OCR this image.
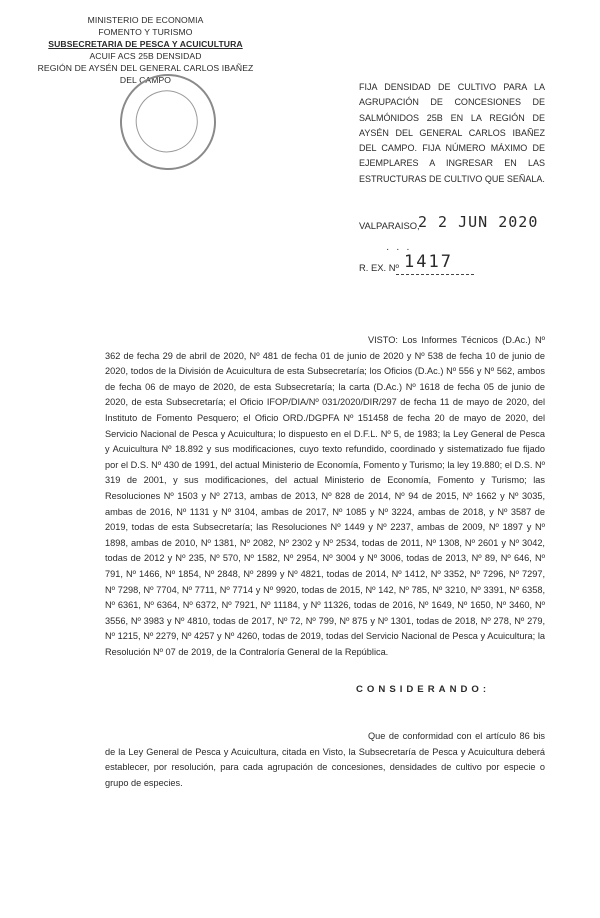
MINISTERIO DE ECONOMIA
FOMENTO Y TURISMO
SUBSECRETARIA DE PESCA Y ACUICULTURA
ACUIF ACS 25B DENSIDAD
REGIÓN DE AYSÉN DEL GENERAL CARLOS IBAÑEZ DEL CAMPO
FIJA DENSIDAD DE CULTIVO PARA LA AGRUPACIÓN DE CONCESIONES DE SALMÓNIDOS 25B EN LA REGIÓN DE AYSÉN DEL GENERAL CARLOS IBAÑEZ DEL CAMPO. FIJA NÚMERO MÁXIMO DE EJEMPLARES A INGRESAR EN LAS ESTRUCTURAS DE CULTIVO QUE SEÑALA.
VALPARAISO,
2 2 JUN 2020
· · ·
R. EX. Nº 1417
VISTO: Los Informes Técnicos (D.Ac.) Nº 362 de fecha 29 de abril de 2020, Nº 481 de fecha 01 de junio de 2020 y Nº 538 de fecha 10 de junio de 2020, todos de la División de Acuicultura de esta Subsecretaría; los Oficios (D.Ac.) Nº 556 y Nº 562, ambos de fecha 06 de mayo de 2020, de esta Subsecretaría; la carta (D.Ac.) Nº 1618 de fecha 05 de junio de 2020, de esta Subsecretaría; el Oficio IFOP/DIA/Nº 031/2020/DIR/297 de fecha 11 de mayo de 2020, del Instituto de Fomento Pesquero; el Oficio ORD./DGPFA Nº 151458 de fecha 20 de mayo de 2020, del Servicio Nacional de Pesca y Acuicultura; lo dispuesto en el D.F.L. Nº 5, de 1983; la Ley General de Pesca y Acuicultura Nº 18.892 y sus modificaciones, cuyo texto refundido, coordinado y sistematizado fue fijado por el D.S. Nº 430 de 1991, del actual Ministerio de Economía, Fomento y Turismo; la ley 19.880; el D.S. Nº 319 de 2001, y sus modificaciones, del actual Ministerio de Economía, Fomento y Turismo; las Resoluciones Nº 1503 y Nº 2713, ambas de 2013, Nº 828 de 2014, Nº 94 de 2015, Nº 1662 y Nº 3035, ambas de 2016, Nº 1131 y Nº 3104, ambas de 2017, Nº 1085 y Nº 3224, ambas de 2018, y Nº 3587 de 2019, todas de esta Subsecretaría; las Resoluciones Nº 1449 y Nº 2237, ambas de 2009, Nº 1897 y Nº 1898, ambas de 2010, Nº 1381, Nº 2082, Nº 2302 y Nº 2534, todas de 2011, Nº 1308, Nº 2601 y Nº 3042, todas de 2012 y Nº 235, Nº 570, Nº 1582, Nº 2954, Nº 3004 y Nº 3006, todas de 2013, Nº 89, Nº 646, Nº 791, Nº 1466, Nº 1854, Nº 2848, Nº 2899 y Nº 4821, todas de 2014, Nº 1412, Nº 3352, Nº 7296, Nº 7297, Nº 7298, Nº 7704, Nº 7711, Nº 7714 y Nº 9920, todas de 2015, Nº 142, Nº 785, Nº 3210, Nº 3391, Nº 6358, Nº 6361, Nº 6364, Nº 6372, Nº 7921, Nº 11184, y Nº 11326, todas de 2016, Nº 1649, Nº 1650, Nº 3460, Nº 3556, Nº 3983 y Nº 4810, todas de 2017, Nº 72, Nº 799, Nº 875 y Nº 1301, todas de 2018, Nº 278, Nº 279, Nº 1215, Nº 2279, Nº 4257 y Nº 4260, todas de 2019, todas del Servicio Nacional de Pesca y Acuicultura; la Resolución Nº 07 de 2019, de la Contraloría General de la República.
CONSIDERANDO:
Que de conformidad con el artículo 86 bis de la Ley General de Pesca y Acuicultura, citada en Visto, la Subsecretaría de Pesca y Acuicultura deberá establecer, por resolución, para cada agrupación de concesiones, densidades de cultivo por especie o grupo de especies.
